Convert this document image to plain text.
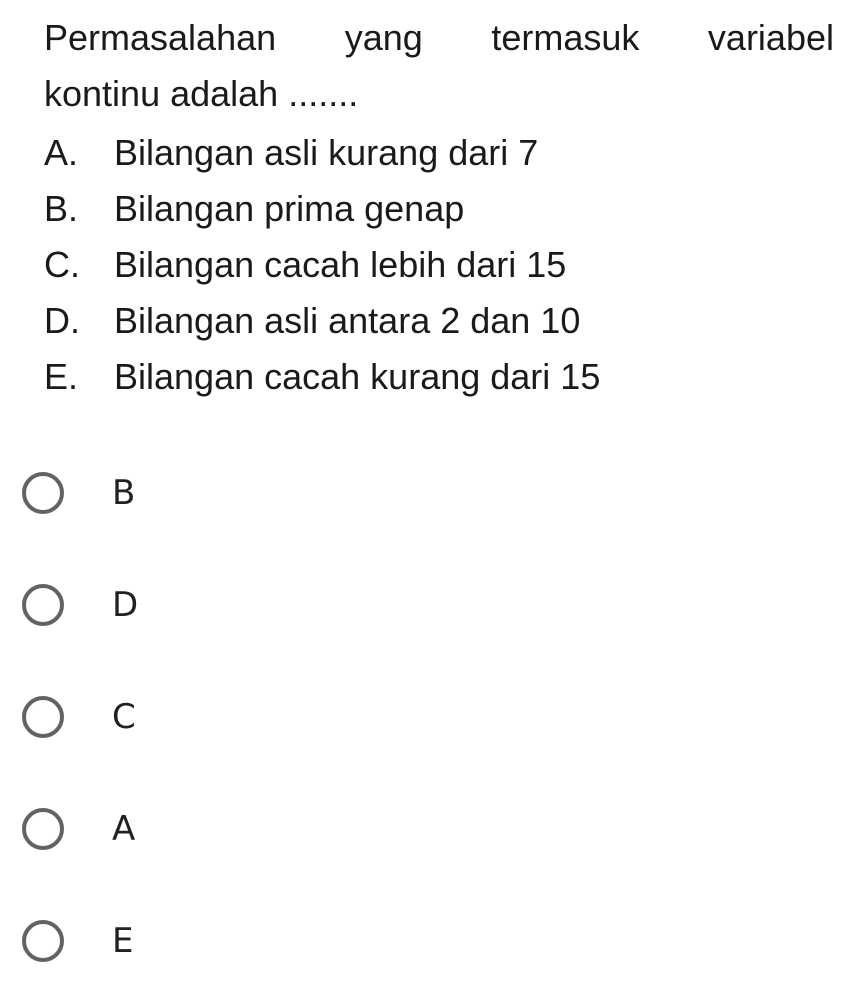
Permasalahan yang termasuk variabel
kontinu adalah .......
A. Bilangan asli kurang dari 7
B. Bilangan prima genap
C. Bilangan cacah lebih dari 15
D. Bilangan asli antara 2 dan 10
E. Bilangan cacah kurang dari 15
B
D
C
A
E
